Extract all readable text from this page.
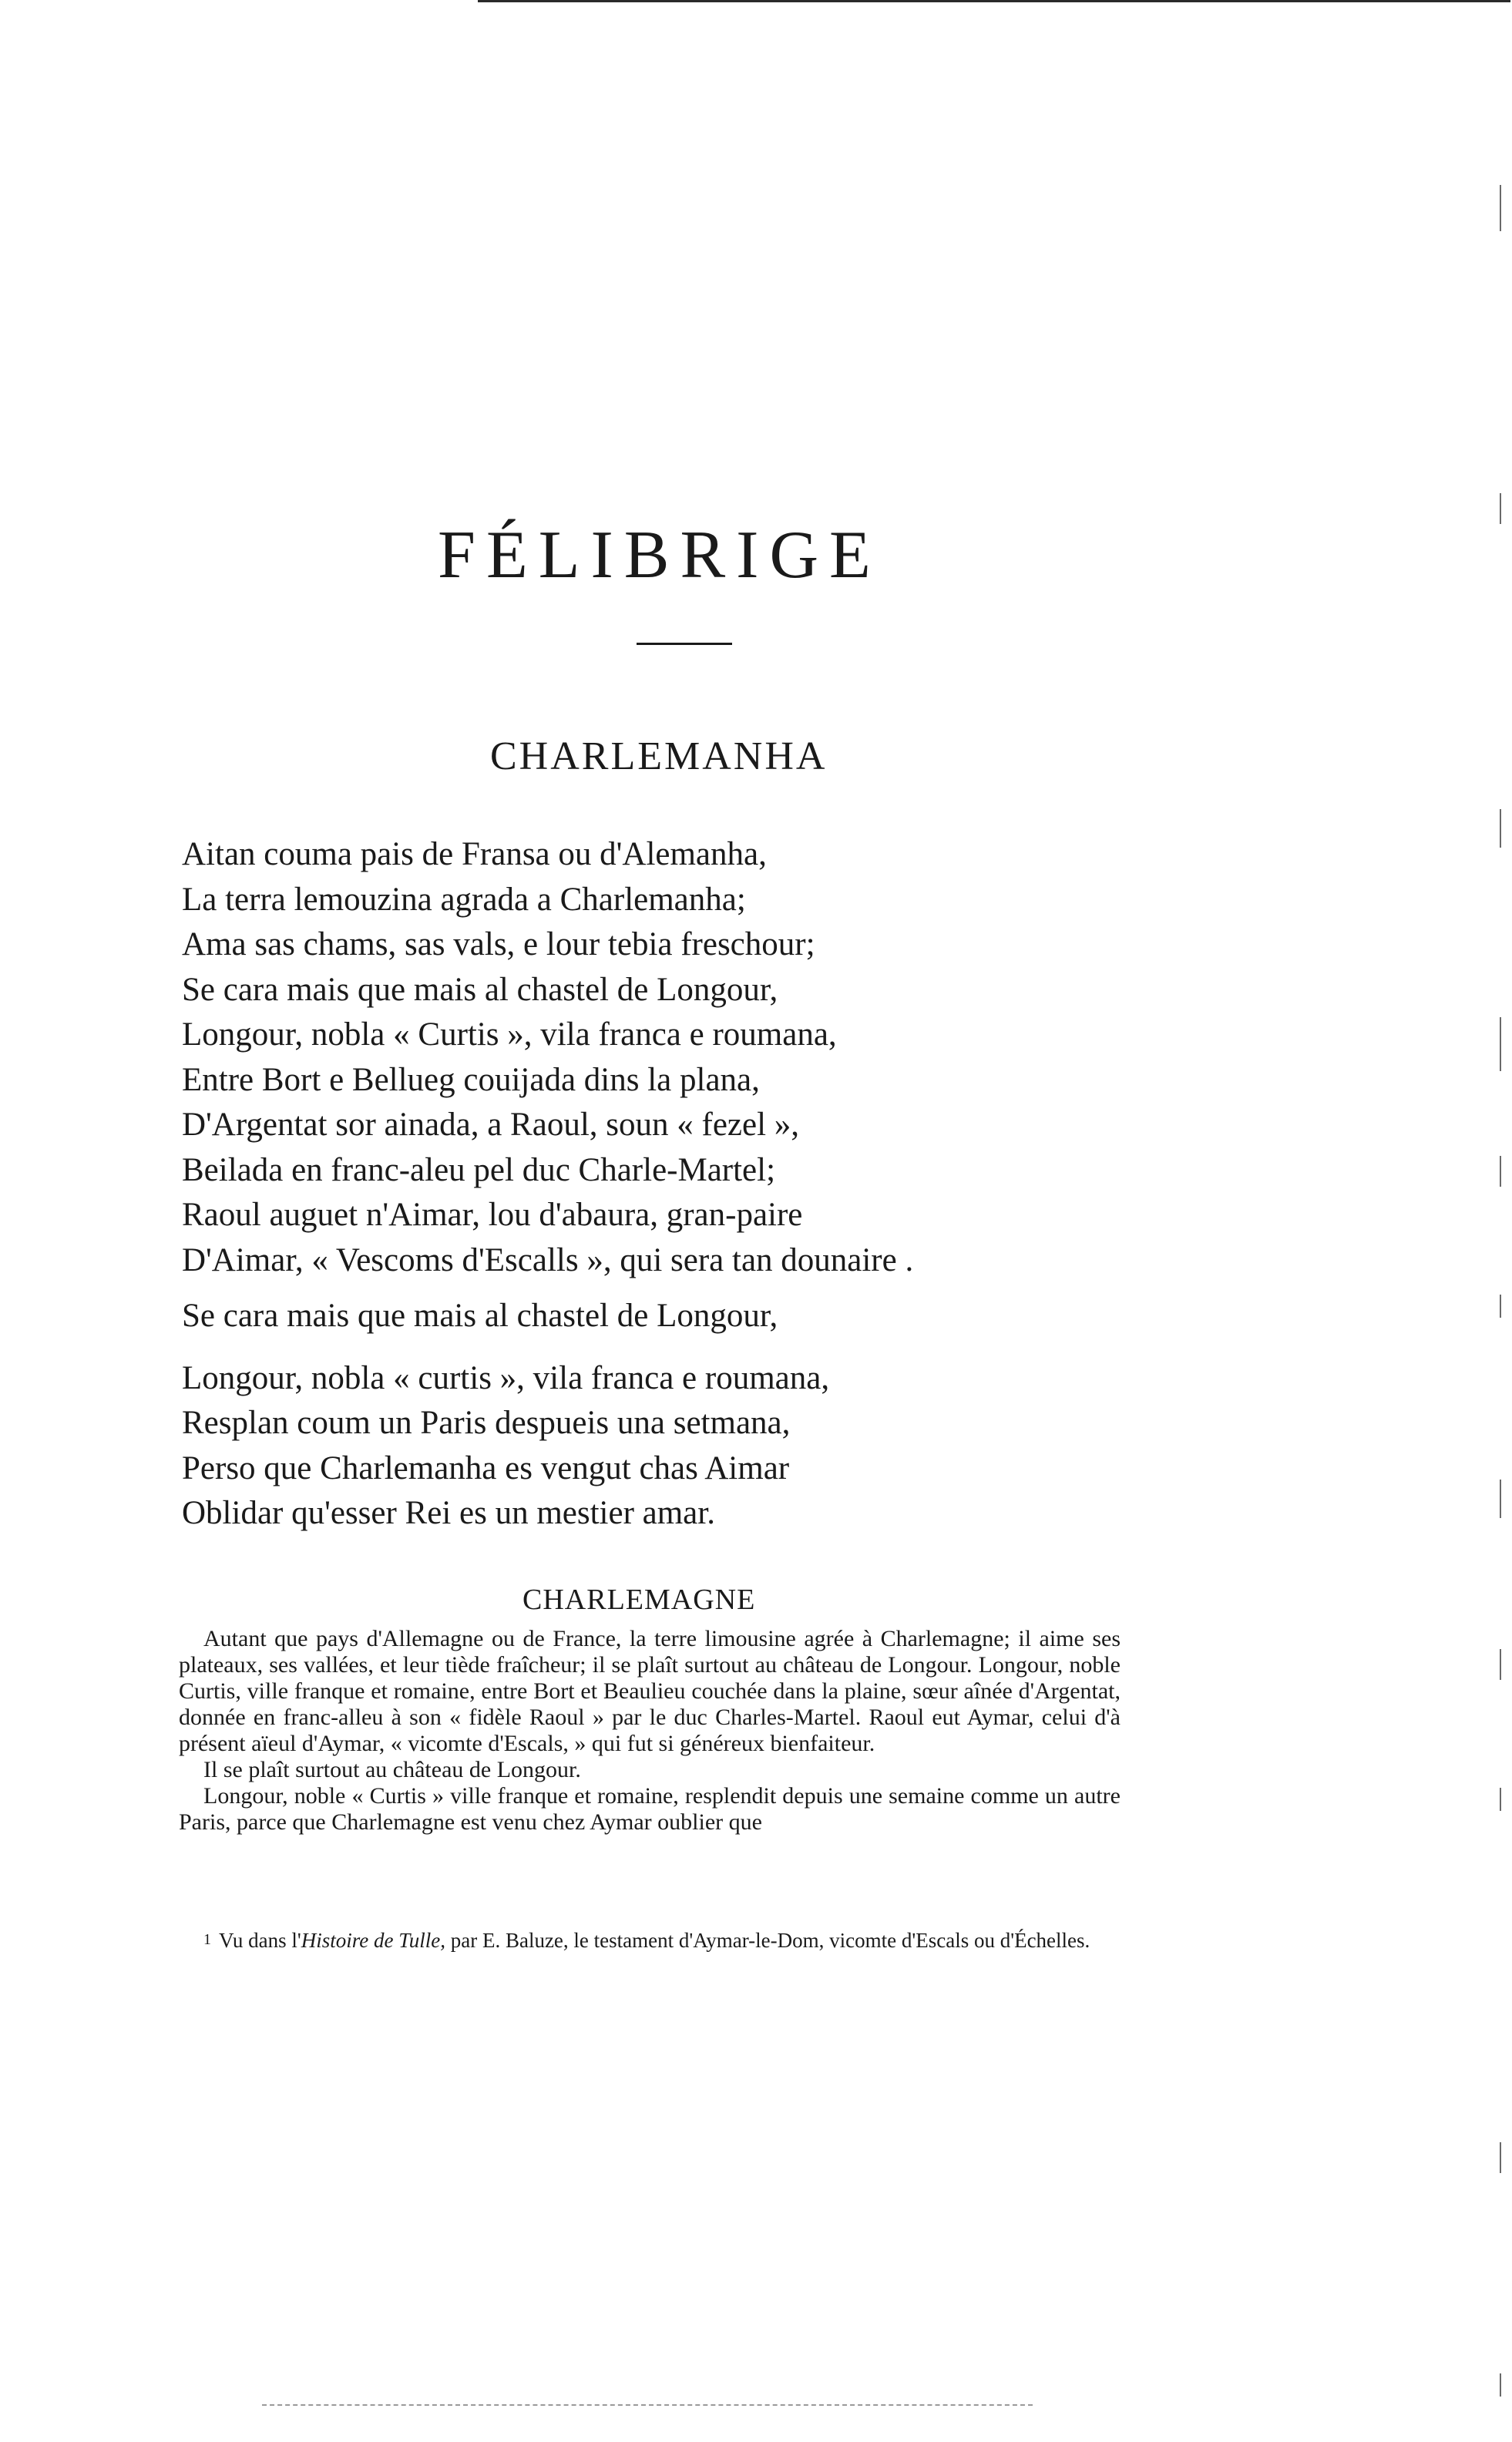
FÉLIBRIGE
CHARLEMANHA
Aitan couma pais de Fransa ou d'Alemanha,
La terra lemouzina agrada a Charlemanha;
Ama sas chams, sas vals, e lour tebia freschour;
Se cara mais que mais al chastel de Longour,
Longour, nobla « Curtis », vila franca e roumana,
Entre Bort e Bellueg couijada dins la plana,
D'Argentat sor ainada, a Raoul, soun « fezel »,
Beilada en franc-aleu pel duc Charle-Martel;
Raoul auguet n'Aimar, lou d'abaura, gran-paire
D'Aimar, « Vescoms d'Escalls », qui sera tan dounaire .
Se cara mais que mais al chastel de Longour,
Longour, nobla « curtis », vila franca e roumana,
Resplan coum un Paris despueis una setmana,
Perso que Charlemanha es vengut chas Aimar
Oblidar qu'esser Rei es un mestier amar.
CHARLEMAGNE

Autant que pays d'Allemagne ou de France, la terre limousine agrée à Charlemagne; il aime ses plateaux, ses vallées, et leur tiède fraîcheur; il se plaît surtout au château de Longour. Longour, noble Curtis, ville franque et romaine, entre Bort et Beaulieu couchée dans la plaine, sœur aînée d'Argentat, donnée en franc-alleu à son « fidèle Raoul » par le duc Charles-Martel. Raoul eut Aymar, celui d'à présent aïeul d'Aymar, « vicomte d'Escals, » qui fut si généreux bienfaiteur.

Il se plaît surtout au château de Longour.

Longour, noble « Curtis » ville franque et romaine, resplendit depuis une semaine comme un autre Paris, parce que Charlemagne est venu chez Aymar oublier que

1 Vu dans l'Histoire de Tulle, par E. Baluze, le testament d'Aymar-le-Dom, vicomte d'Escals ou d'Échelles.
